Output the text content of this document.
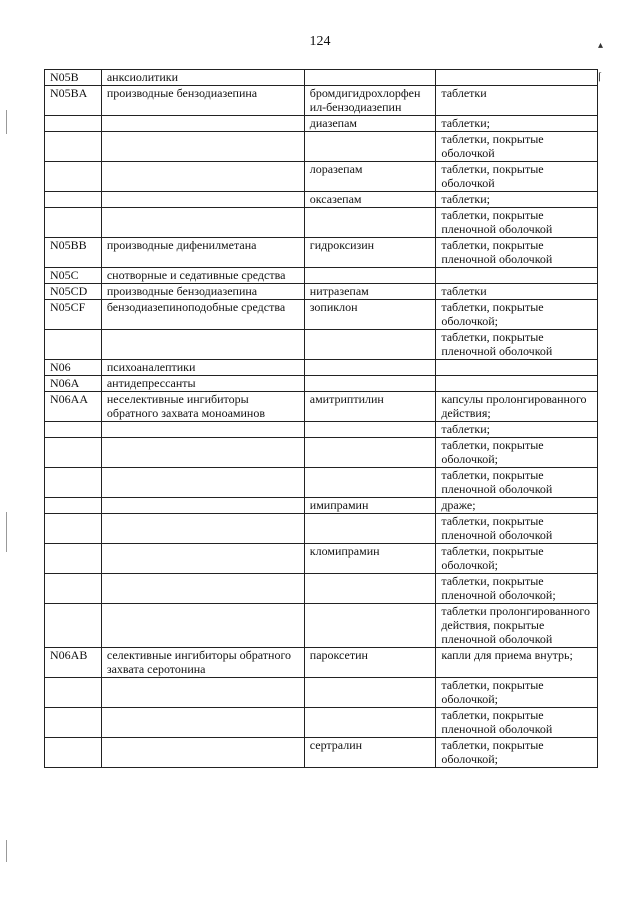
124
N05B	анксиолитики		
N05BA	производные бензодиазепина	бромдигидрохлорфен ил-бензодиазепин	таблетки
		диазепам	таблетки;
			таблетки, покрытые оболочкой
		лоразепам	таблетки, покрытые оболочкой
		оксазепам	таблетки;
			таблетки, покрытые пленочной оболочкой
N05BB	производные дифенилметана	гидроксизин	таблетки, покрытые пленочной оболочкой
N05C	снотворные и седативные средства		
N05CD	производные бензодиазепина	нитразепам	таблетки
N05CF	бензодиазепиноподобные средства	зопиклон	таблетки, покрытые оболочкой;
			таблетки, покрытые пленочной оболочкой
N06	психоаналептики		
N06A	антидепрессанты		
N06AA	неселективные ингибиторы обратного захвата моноаминов	амитриптилин	капсулы пролонгированного действия;
			таблетки;
			таблетки, покрытые оболочкой;
			таблетки, покрытые пленочной оболочкой
		имипрамин	драже;
			таблетки, покрытые пленочной оболочкой
		кломипрамин	таблетки, покрытые оболочкой;
			таблетки, покрытые пленочной оболочкой;
			таблетки пролонгированного действия, покрытые пленочной оболочкой
N06AB	селективные ингибиторы обратного захвата серотонина	пароксетин	капли для приема внутрь;
			таблетки, покрытые оболочкой;
			таблетки, покрытые пленочной оболочкой
		сертралин	таблетки, покрытые оболочкой;
▴
⌈
